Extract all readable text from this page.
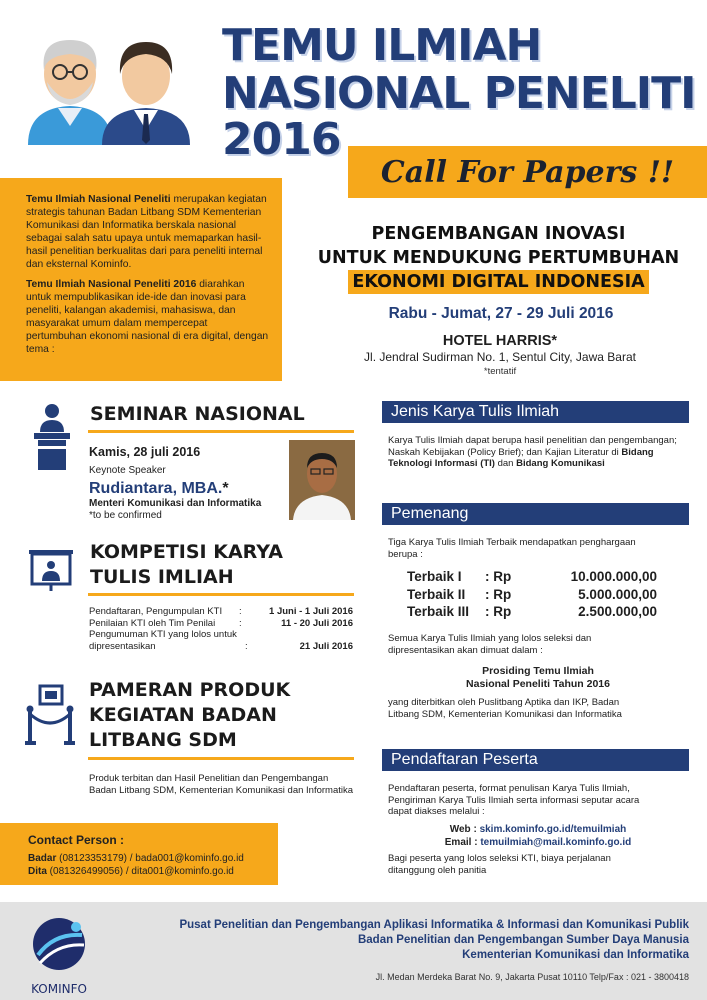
TEMU ILMIAH
NASIONAL PENELITI
2016
Call For Papers !!

Temu Ilmiah Nasional Peneliti merupakan kegiatan strategis tahunan Badan Litbang SDM Kementerian Komunikasi dan Informatika berskala nasional sebagai salah satu upaya untuk memaparkan hasil-hasil penelitian berkualitas dari para peneliti internal dan eksternal Kominfo.

Temu Ilmiah Nasional Peneliti 2016 diarahkan untuk mempublikasikan ide-ide dan inovasi para peneliti, kalangan akademisi, mahasiswa, dan masyarakat umum dalam mempercepat pertumbuhan ekonomi nasional di era digital, dengan tema :

PENGEMBANGAN INOVASI
UNTUK MENDUKUNG PERTUMBUHAN
EKONOMI DIGITAL INDONESIA
Rabu - Jumat, 27 - 29 Juli 2016
HOTEL HARRIS*
Jl. Jendral Sudirman No. 1, Sentul City, Jawa Barat
*tentatif
SEMINAR NASIONAL
Kamis, 28 juli 2016
Keynote Speaker
Rudiantara, MBA.*
Menteri Komunikasi dan Informatika
*to be confirmed
KOMPETISI KARYA
TULIS IMLIAH
Pendaftaran, Pengumpulan KTI	:	1 Juni - 1 Juli 2016
Penilaian KTI oleh Tim Penilai	:	11 - 20 Juli 2016
Pengumuman KTI yang lolos untuk dipresentasikan	:	21 Juli 2016
PAMERAN PRODUK
KEGIATAN BADAN
LITBANG SDM
Produk terbitan dan Hasil Penelitian dan Pengembangan Badan Litbang SDM, Kementerian Komunikasi dan Informatika
Contact Person :
Badar (08123353179) / bada001@kominfo.go.id
Dita (081326499056) / dita001@kominfo.go.id
Jenis Karya Tulis Ilmiah
Karya Tulis Ilmiah dapat berupa hasil penelitian dan pengembangan; Naskah Kebijakan (Policy Brief); dan Kajian Literatur di Bidang Teknologi Informasi (TI) dan Bidang Komunikasi
Pemenang
Tiga Karya Tulis Ilmiah Terbaik mendapatkan penghargaan berupa :
Terbaik I	: Rp	10.000.000,00
Terbaik II	: Rp	5.000.000,00
Terbaik III	: Rp	2.500.000,00
Semua Karya Tulis Ilmiah yang lolos seleksi dan dipresentasikan akan dimuat dalam :
Prosiding Temu Ilmiah
Nasional Peneliti Tahun 2016
yang diterbitkan oleh Puslitbang Aptika dan IKP, Badan Litbang SDM, Kementerian Komunikasi dan Informatika
Pendaftaran Peserta
Pendaftaran peserta, format penulisan Karya Tulis Ilmiah, Pengiriman Karya Tulis Ilmiah serta informasi seputar acara dapat diakses melalui :
Web : skim.kominfo.go.id/temuilmiah
Email : temuilmiah@mail.kominfo.go.id
Bagi peserta yang lolos seleksi KTI, biaya perjalanan ditanggung oleh panitia
KOMINFO
Pusat Penelitian dan Pengembangan Aplikasi Informatika & Informasi dan Komunikasi Publik
Badan Penelitian dan Pengembangan Sumber Daya Manusia
Kementerian Komunikasi dan Informatika
Jl. Medan Merdeka Barat No. 9, Jakarta Pusat 10110 Telp/Fax : 021 - 3800418
